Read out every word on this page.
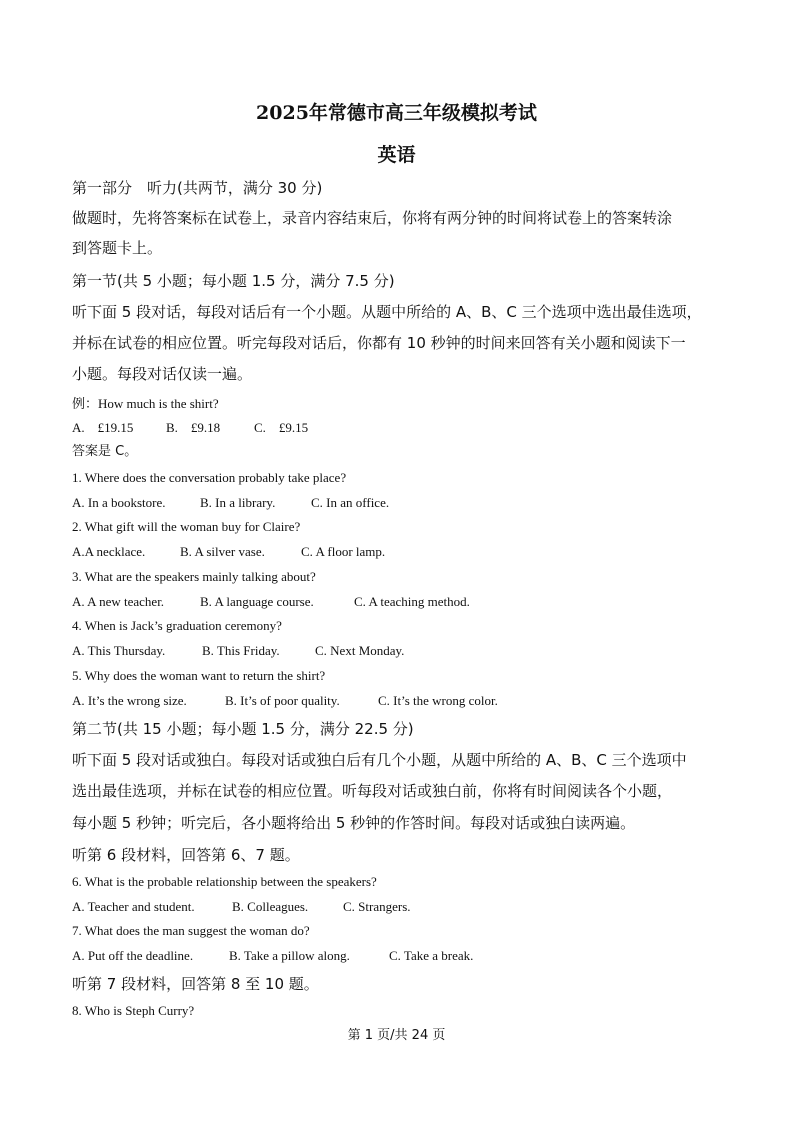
2025年常德市高三年级模拟考试
英语
第一部分　听力(共两节，满分 30 分)
做题时，先将答案标在试卷上，录音内容结束后，你将有两分钟的时间将试卷上的答案转涂
到答题卡上。
第一节(共 5 小题；每小题 1.5 分，满分 7.5 分)
听下面 5 段对话，每段对话后有一个小题。从题中所给的 A、B、C 三个选项中选出最佳选项，
并标在试卷的相应位置。听完每段对话后，你都有 10 秒钟的时间来回答有关小题和阅读下一
小题。每段对话仅读一遍。
例：How much is the shirt?
A.　£19.15	B.　£9.18	C.　£9.15
答案是 C。
1. Where does the conversation probably take place?
A. In a bookstore.	B. In a library.	C. In an office.
2. What gift will the woman buy for Claire?
A.A necklace.	B. A silver vase.	C. A floor lamp.
3. What are the speakers mainly talking about?
A. A new teacher.	B. A language course.	C. A teaching method.
4. When is Jack’s graduation ceremony?
A. This Thursday.	B. This Friday.	C. Next Monday.
5. Why does the woman want to return the shirt?
A. It’s the wrong size.	B. It’s of poor quality.	C. It’s the wrong color.
第二节(共 15 小题；每小题 1.5 分，满分 22.5 分)
听下面 5 段对话或独白。每段对话或独白后有几个小题，从题中所给的 A、B、C 三个选项中
选出最佳选项，并标在试卷的相应位置。听每段对话或独白前，你将有时间阅读各个小题，
每小题 5 秒钟；听完后，各小题将给出 5 秒钟的作答时间。每段对话或独白读两遍。
听第 6 段材料，回答第 6、7 题。
6. What is the probable relationship between the speakers?
A. Teacher and student.	B. Colleagues.	C. Strangers.
7. What does the man suggest the woman do?
A. Put off the deadline.	B. Take a pillow along.	C. Take a break.
听第 7 段材料，回答第 8 至 10 题。
8. Who is Steph Curry?
第 1 页/共 24 页
